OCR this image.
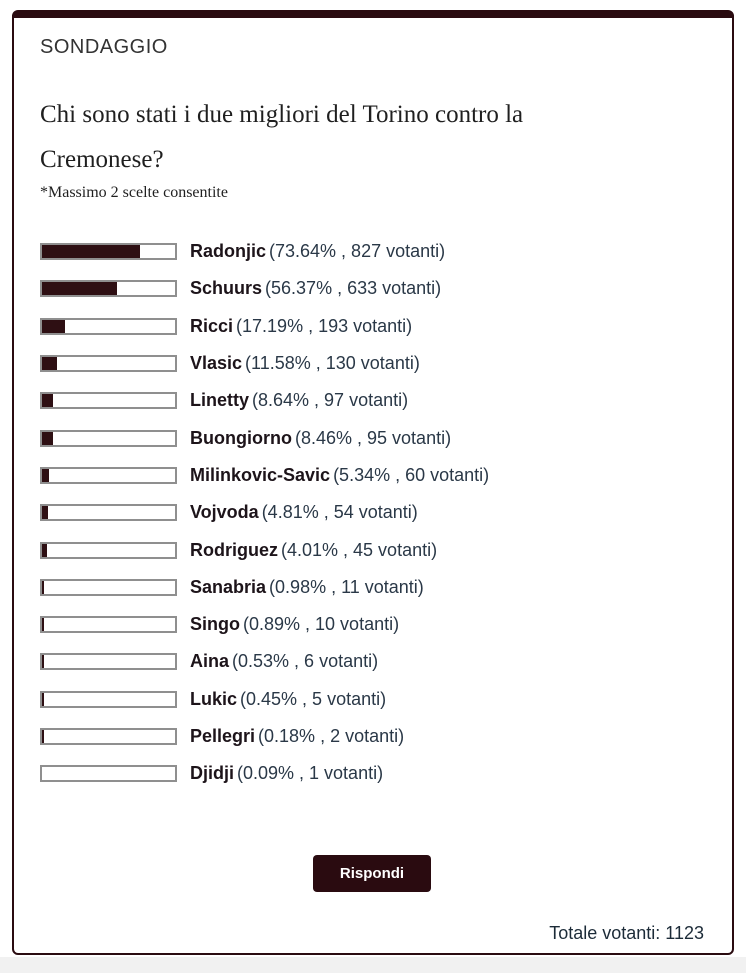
SONDAGGIO
Chi sono stati i due migliori del Torino contro la Cremonese?
*Massimo 2 scelte consentite
Radonjic (73.64% , 827 votanti)
Schuurs (56.37% , 633 votanti)
Ricci (17.19% , 193 votanti)
Vlasic (11.58% , 130 votanti)
Linetty (8.64% , 97 votanti)
Buongiorno (8.46% , 95 votanti)
Milinkovic-Savic (5.34% , 60 votanti)
Vojvoda (4.81% , 54 votanti)
Rodriguez (4.01% , 45 votanti)
Sanabria (0.98% , 11 votanti)
Singo (0.89% , 10 votanti)
Aina (0.53% , 6 votanti)
Lukic (0.45% , 5 votanti)
Pellegri (0.18% , 2 votanti)
Djidji (0.09% , 1 votanti)
Rispondi
Totale votanti: 1123
